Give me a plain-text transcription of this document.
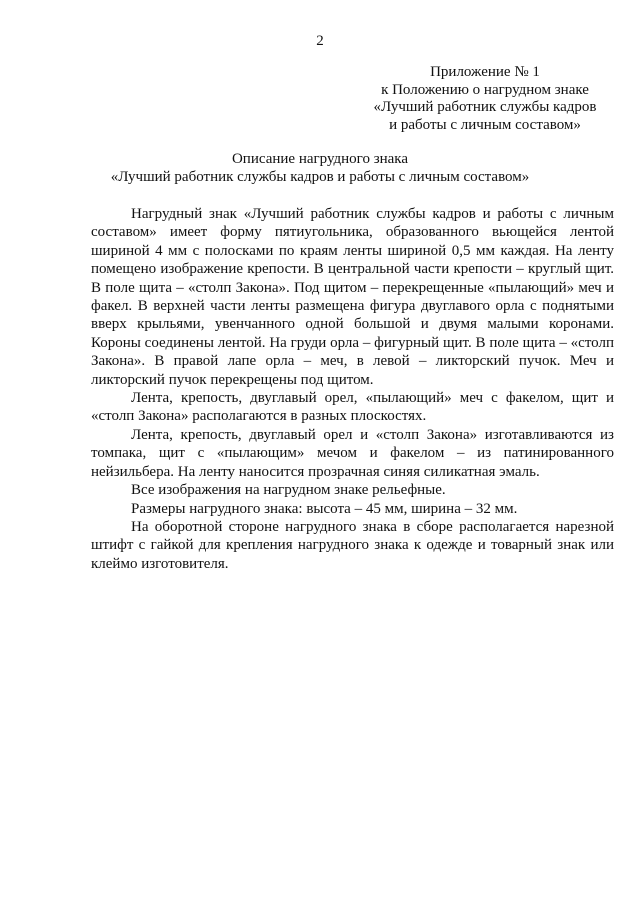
2
Приложение № 1
к Положению о нагрудном знаке
«Лучший работник службы кадров
и работы с личным составом»
Описание нагрудного знака
«Лучший работник службы кадров и работы с личным составом»

Нагрудный знак «Лучший работник службы кадров и работы с личным составом» имеет форму пятиугольника, образованного вьющейся лентой шириной 4 мм с полосками по краям ленты шириной 0,5 мм каждая. На ленту помещено изображение крепости. В центральной части крепости – круглый щит. В поле щита – «столп Закона». Под щитом – перекрещенные «пылающий» меч и факел. В верхней части ленты размещена фигура двуглавого орла с поднятыми вверх крыльями, увенчанного одной большой и двумя малыми коронами. Короны соединены лентой. На груди орла – фигурный щит. В поле щита – «столп Закона». В правой лапе орла – меч, в левой – ликторский пучок. Меч и ликторский пучок перекрещены под щитом.

Лента, крепость, двуглавый орел, «пылающий» меч с факелом, щит и «столп Закона» располагаются в разных плоскостях.

Лента, крепость, двуглавый орел и «столп Закона» изготавливаются из томпака, щит с «пылающим» мечом и факелом – из патинированного нейзильбера. На ленту наносится прозрачная синяя силикатная эмаль.

Все изображения на нагрудном знаке рельефные.

Размеры нагрудного знака: высота – 45 мм, ширина – 32 мм.

На оборотной стороне нагрудного знака в сборе располагается нарезной штифт с гайкой для крепления нагрудного знака к одежде и товарный знак или клеймо изготовителя.
